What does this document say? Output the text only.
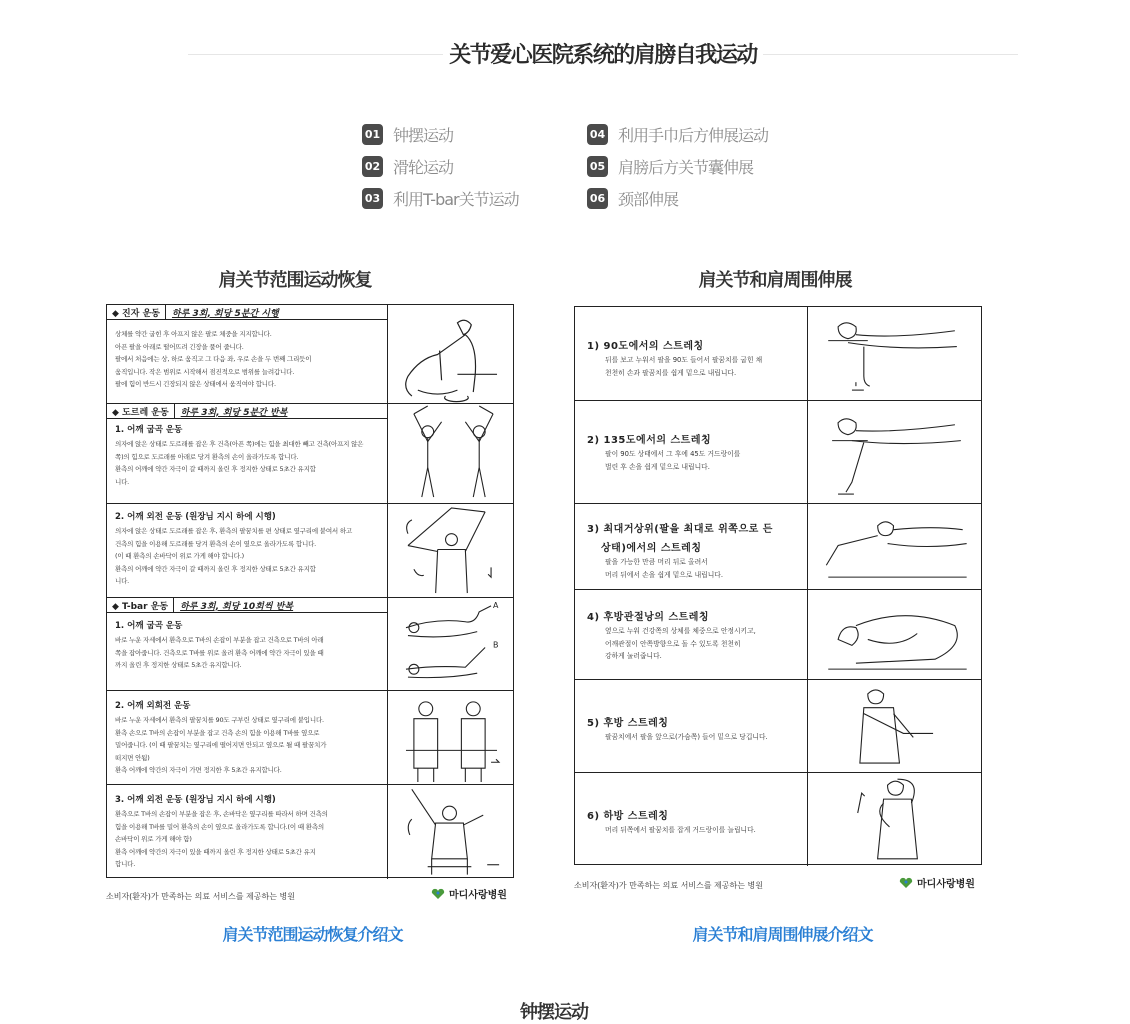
关节爱心医院系统的肩膀自我运动
01 钟摆运动
02 滑轮运动
03 利用T-bar关节运动
04 利用手巾后方伸展运动
05 肩膀后方关节囊伸展
06 颈部伸展
肩关节范围运动恢复	肩关节和肩周围伸展
◆ 진자 운동	하루 3회, 회당 5분간 시행
상체를 약간 굽힌 후 아프지 않은 팔로 체중을 지지합니다.
아픈 팔을 아래로 떨어뜨려 긴장을 풀어 줍니다.
팔에서 처음에는 상, 하로 움직고 그 다음 좌, 우로 손을 두 번째 그리듯이
움직입니다. 작은 범위로 시작해서 점진적으로 범위를 늘려갑니다.
팔에 힘이 반드시 긴장되지 않은 상태에서 움직여야 합니다.
◆ 도르레 운동	하루 3회, 회당 5분간 반복
1. 어깨 굽곡 운동
의자에 앉은 상태로 도르래를 잡은 후 건측(아픈 쪽)에는 힘을 최대한 빼고 건측(아프지 않은
쪽)의 힘으로 도르래를 아래로 당겨 환측의 손이 올라가도록 합니다.
환측의 어깨에 약간 자극이 갈 때까지 올린 후 정지한 상태로 5초간 유지합
니다.
2. 어깨 외전 운동 (원장님 지시 하에 시행)
의자에 앉은 상태로 도르래를 잡은 후, 환측의 팔꿈치를 편 상태로 옆구리에 붙여서 하고
건측의 힘을 이용해 도르래를 당겨 환측의 손이 옆으로 올라가도록 합니다.
(이 때 환측의 손바닥이 위로 가게 해야 합니다.)
환측의 어깨에 약간 자극이 갈 때까지 올린 후 정지한 상태로 5초간 유지합
니다.
◆ T-bar 운동	하루 3회, 회당 10회씩 반복
1. 어깨 굽곡 운동
바로 누운 자세에서 환측으로 T바의 손잡이 부분을 잡고 건측으로 T바의 아래
쪽을 잡아줍니다. 건측으로 T바를 위로 올려 환측 어깨에 약간 자극이 있을 때
까지 올린 후 정지한 상태로 5초간 유지합니다.
A
B
2. 어깨 외회전 운동
바로 누운 자세에서 환측의 팔꿈치를 90도 구부린 상태로 옆구리에 붙입니다.
환측 손으로 T바의 손잡이 부분을 잡고 건측 손의 힘을 이용해 T바를 옆으로
밀어줍니다. (이 때 팔꿈치는 옆구리에 떨어지면 안되고 옆으로 될 때 팔꿈치가
떠지면 안됨)
환측 어깨에 약간의 자극이 가면 정지한 후 5초간 유지합니다.
3. 어깨 외전 운동 (원장님 지시 하에 시행)
환측으로 T바의 손잡이 부분을 잡은 후, 손바닥은 옆구리를 따라서 하며 건측의
힘을 이용해 T바를 밀어 환측의 손이 옆으로 올라가도록 합니다.(이 때 환측의
손바닥이 위로 가게 해야 함)
환측 어깨에 약간의 자극이 있을 때까지 올린 후 정지한 상태로 5초간 유지
합니다.
소비자(환자)가 만족하는 의료 서비스를 제공하는 병원	마디사랑병원
1) 90도에서의 스트레칭
뒤를 보고 누워서 팔을 90도 들어서 팔꿈치를 굽힌 채
천천히 손과 팔꿈치를 쉽게 밑으로 내립니다.
2) 135도에서의 스트레칭
팔이 90도 상태에서 그 후에 45도 거드랑이를
벌린 후 손을 쉽게 밑으로 내립니다.
3) 최대거상위(팔을 최대로 위쪽으로 든
상태)에서의 스트레칭
팔을 가능한 만큼 머리 뒤로 올려서
머리 뒤에서 손을 쉽게 밑으로 내립니다.
4) 후방관절낭의 스트레칭
옆으로 누워 건강쪽의 상체를 체중으로 안정시키고,
어깨관절이 안쪽방향으로 돌 수 있도록 천천히
강하게 눌러줍니다.
5) 후방 스트레칭
팔꿈치에서 팔을 앞으로(가슴쪽) 들어 밑으로 당깁니다.
6) 하방 스트레칭
머리 뒤쪽에서 팔꿈치를 잡게 거드랑이를 늘립니다.
소비자(환자)가 만족하는 의료 서비스를 제공하는 병원	마디사랑병원
肩关节范围运动恢复介绍文	肩关节和肩周围伸展介绍文
钟摆运动
